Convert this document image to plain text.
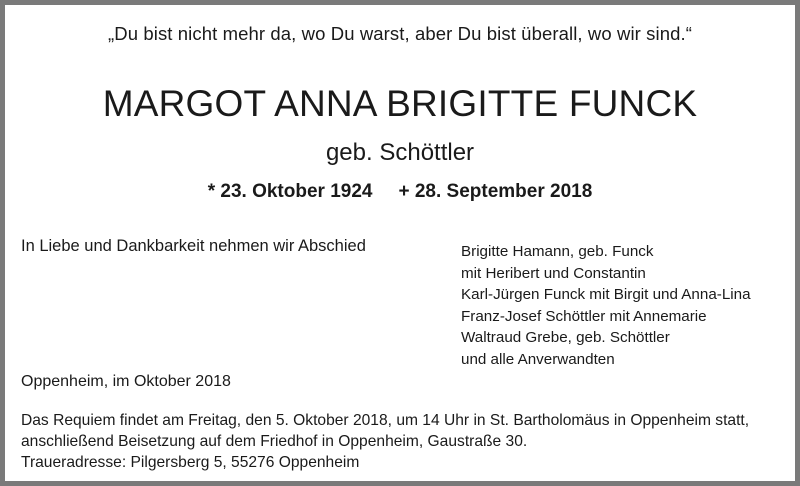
„Du bist nicht mehr da, wo Du warst, aber Du bist überall, wo wir sind.“
MARGOT ANNA BRIGITTE FUNCK
geb. Schöttler
* 23. Oktober 1924 + 28. September 2018
In Liebe und Dankbarkeit nehmen wir Abschied	Brigitte Hamann, geb. Funck
mit Heribert und Constantin
Karl-Jürgen Funck mit Birgit und Anna-Lina
Franz-Josef Schöttler mit Annemarie
Waltraud Grebe, geb. Schöttler
und alle Anverwandten
Oppenheim, im Oktober 2018
Das Requiem findet am Freitag, den 5. Oktober 2018, um 14 Uhr in St. Bartholomäus in Oppenheim statt,
anschließend Beisetzung auf dem Friedhof in Oppenheim, Gaustraße 30.
Traueradresse: Pilgersberg 5, 55276 Oppenheim
